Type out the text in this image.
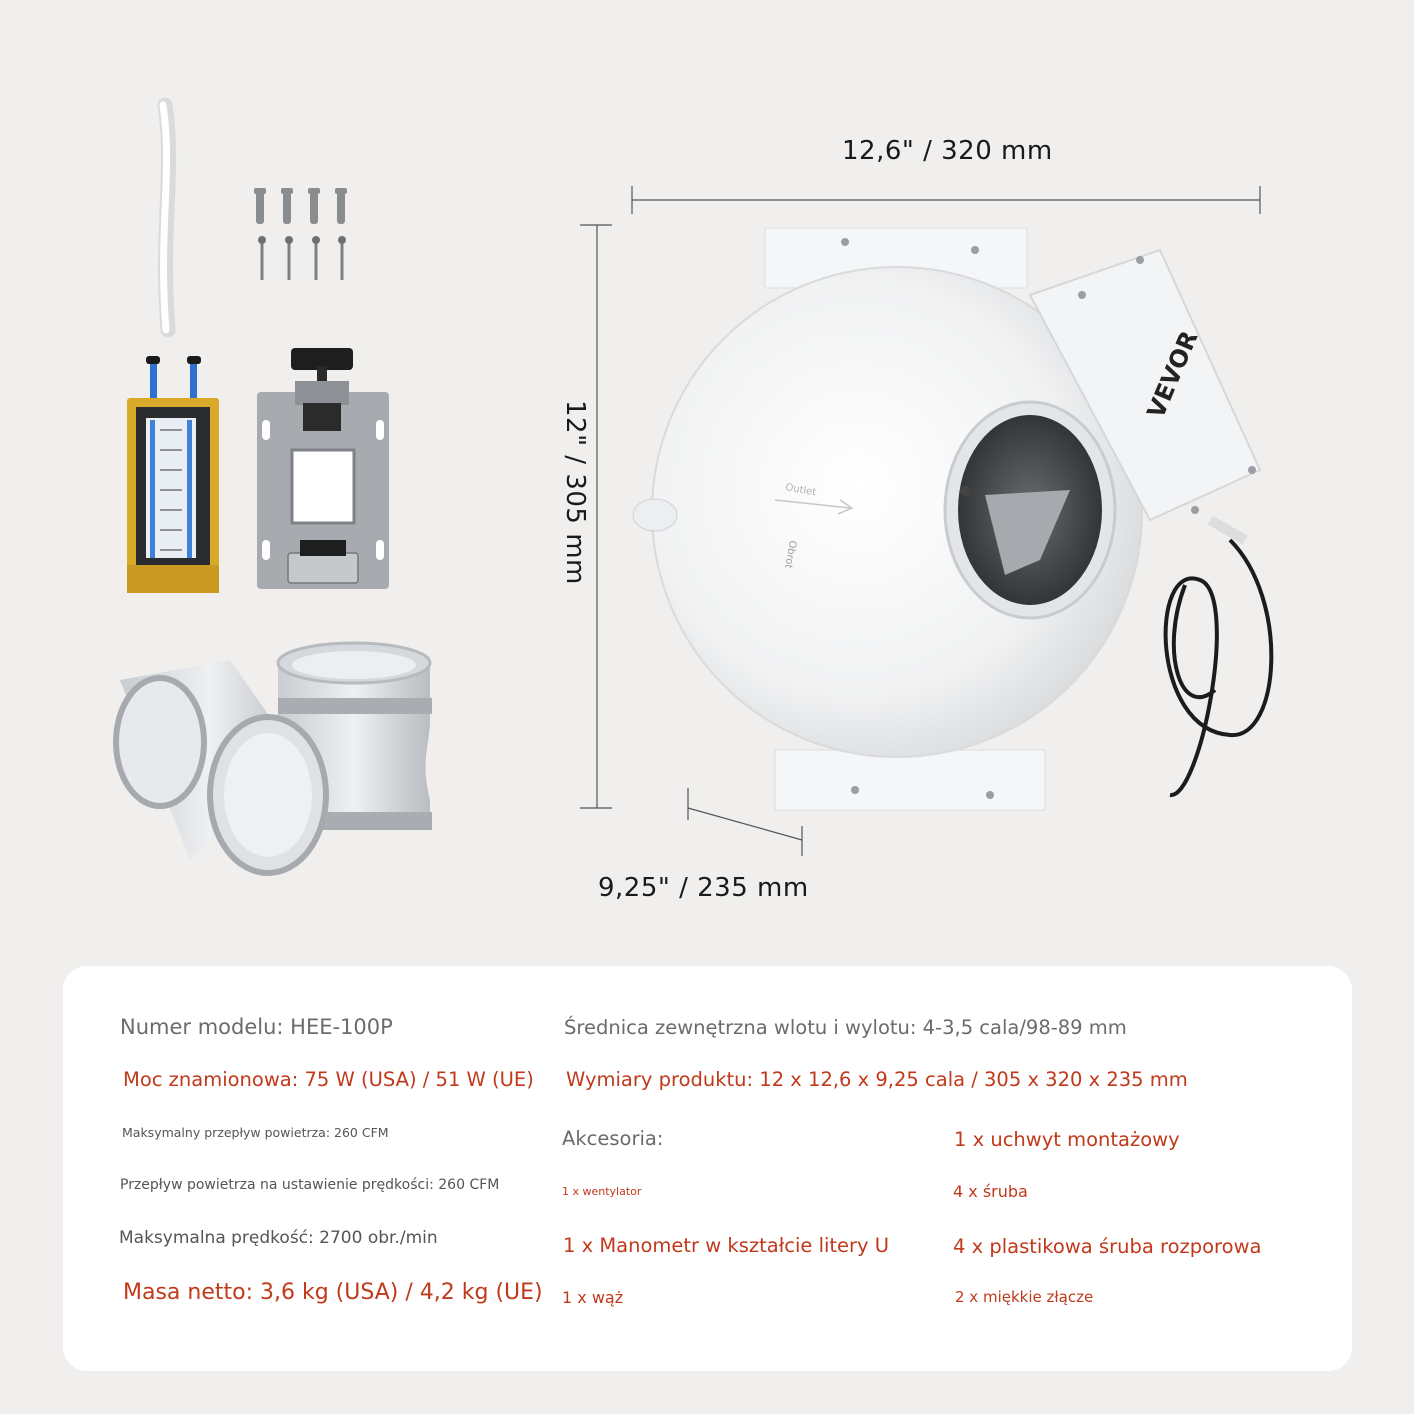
VEVOR
Outlet
Obrot
12,6" / 320 mm
12" / 305 mm
9,25" / 235 mm
Numer modelu: HEE-100P	Średnica zewnętrzna wlotu i wylotu: 4-3,5 cala/98-89 mm
Moc znamionowa: 75 W (USA) / 51 W (UE) Wymiary produktu: 12 x 12,6 x 9,25 cala / 305 x 320 x 235 mm
Maksymalny przepływ powietrza: 260 CFM	Akcesoria:	1 x uchwyt montażowy
Przepływ powietrza na ustawienie prędkości: 260 CFM	1 x wentylator	4 x śruba
Maksymalna prędkość: 2700 obr./min	1 x Manometr w kształcie litery U	4 x plastikowa śruba rozporowa
Masa netto: 3,6 kg (USA) / 4,2 kg (UE) 1 x wąż	2 x miękkie złącze
